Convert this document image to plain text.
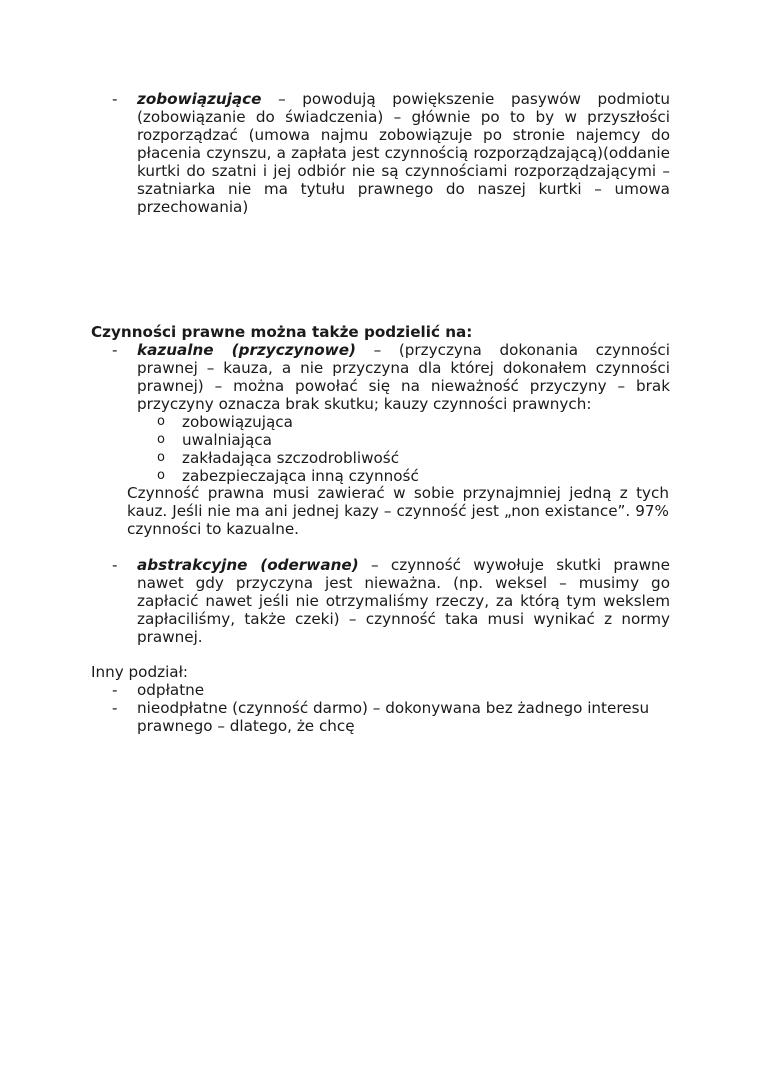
- zobowiązujące – powodują powiększenie pasywów podmiotu (zobowiązanie do świadczenia) – głównie po to by w przyszłości rozporządzać (umowa najmu zobowiązuje po stronie najemcy do płacenia czynszu, a zapłata jest czynnością rozporządzającą)(oddanie kurtki do szatni i jej odbiór nie są czynnościami rozporządzającymi – szatniarka nie ma tytułu prawnego do naszej kurtki – umowa przechowania)
Czynności prawne można także podzielić na:
- kazualne (przyczynowe) – (przyczyna dokonania czynności prawnej – kauza, a nie przyczyna dla której dokonałem czynności prawnej) – można powołać się na nieważność przyczyny – brak przyczyny oznacza brak skutku; kauzy czynności prawnych:
o zobowiązująca
o uwalniająca
o zakładająca szczodrobliwość
o zabezpieczająca inną czynność
Czynność prawna musi zawierać w sobie przynajmniej jedną z tych kauz. Jeśli nie ma ani jednej kazy – czynność jest „non existance”. 97% czynności to kazualne.
- abstrakcyjne (oderwane) – czynność wywołuje skutki prawne nawet gdy przyczyna jest nieważna. (np. weksel – musimy go zapłacić nawet jeśli nie otrzymaliśmy rzeczy, za którą tym wekslem zapłaciliśmy, także czeki) – czynność taka musi wynikać z normy prawnej.
Inny podział:
- odpłatne
- nieodpłatne (czynność darmo) – dokonywana bez żadnego interesu prawnego – dlatego, że chcę
